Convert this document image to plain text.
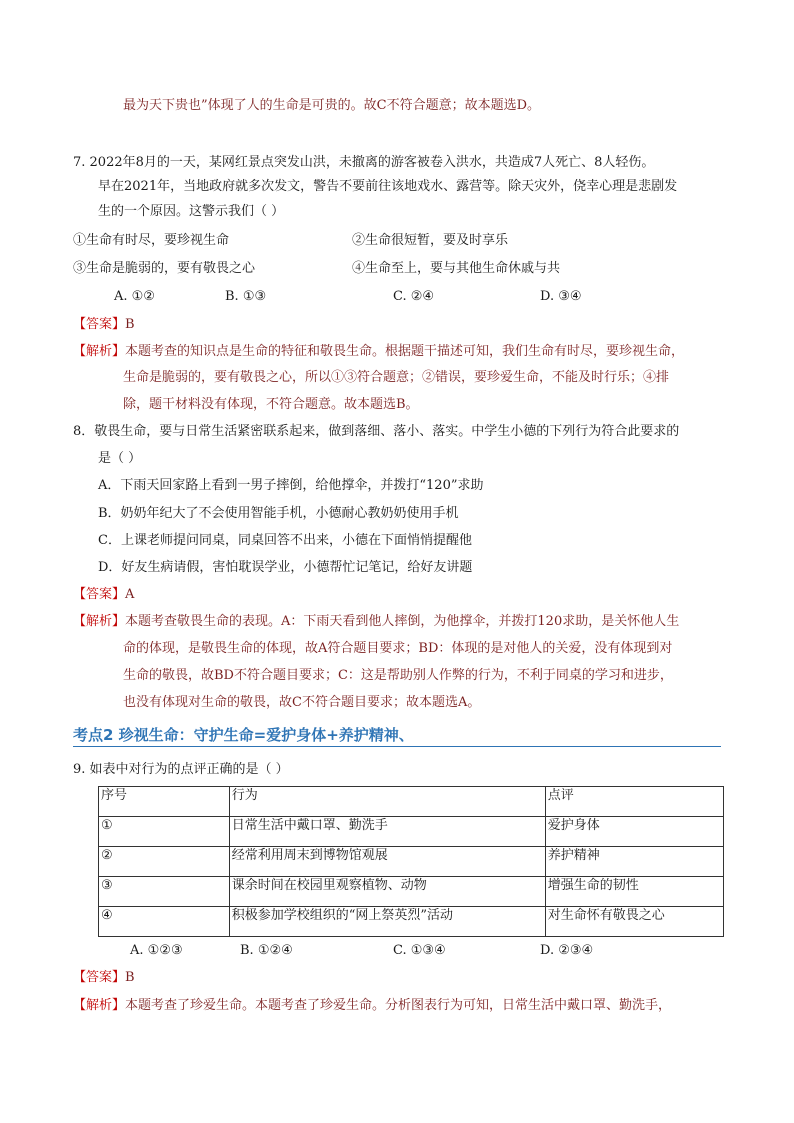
最为天下贵也”体现了人的生命是可贵的。故C不符合题意；故本题选D。
7. 2022年8月的一天，某网红景点突发山洪，未撤离的游客被卷入洪水，共造成7人死亡、8人轻伤。
早在2021年，当地政府就多次发文，警告不要前往该地戏水、露营等。除天灾外，侥幸心理是悲剧发
生的一个原因。这警示我们（ ）
①生命有时尽，要珍视生命	②生命很短暂，要及时享乐
③生命是脆弱的，要有敬畏之心	④生命至上，要与其他生命休戚与共
A. ①②	B. ①③	C. ②④	D. ③④
【答案】B
【解析】本题考查的知识点是生命的特征和敬畏生命。根据题干描述可知，我们生命有时尽，要珍视生命，
生命是脆弱的，要有敬畏之心，所以①③符合题意；②错误，要珍爱生命，不能及时行乐；④排
除，题干材料没有体现，不符合题意。故本题选B。
8．敬畏生命，要与日常生活紧密联系起来，做到落细、落小、落实。中学生小德的下列行为符合此要求的
是（ ）
A．下雨天回家路上看到一男子摔倒，给他撑伞，并拨打“120”求助
B．奶奶年纪大了不会使用智能手机，小德耐心教奶奶使用手机
C．上课老师提问同桌，同桌回答不出来，小德在下面悄悄提醒他
D．好友生病请假，害怕耽误学业，小德帮忙记笔记，给好友讲题
【答案】A
【解析】本题考查敬畏生命的表现。A：下雨天看到他人摔倒，为他撑伞，并拨打120求助，是关怀他人生
命的体现，是敬畏生命的体现，故A符合题目要求；BD：体现的是对他人的关爱，没有体现到对
生命的敬畏，故BD不符合题目要求；C：这是帮助别人作弊的行为，不利于同桌的学习和进步，
也没有体现对生命的敬畏，故C不符合题目要求；故本题选A。
考点2 珍视生命：守护生命=爱护身体+养护精神、
9. 如表中对行为的点评正确的是（ ）
序号	行为	点评
①	日常生活中戴口罩、勤洗手	爱护身体
②	经常利用周末到博物馆观展	养护精神
③	课余时间在校园里观察植物、动物	增强生命的韧性
④	积极参加学校组织的“网上祭英烈”活动	对生命怀有敬畏之心
A. ①②③	B. ①②④	C. ①③④	D. ②③④
【答案】B
【解析】本题考查了珍爱生命。本题考查了珍爱生命。分析图表行为可知，日常生活中戴口罩、勤洗手，
